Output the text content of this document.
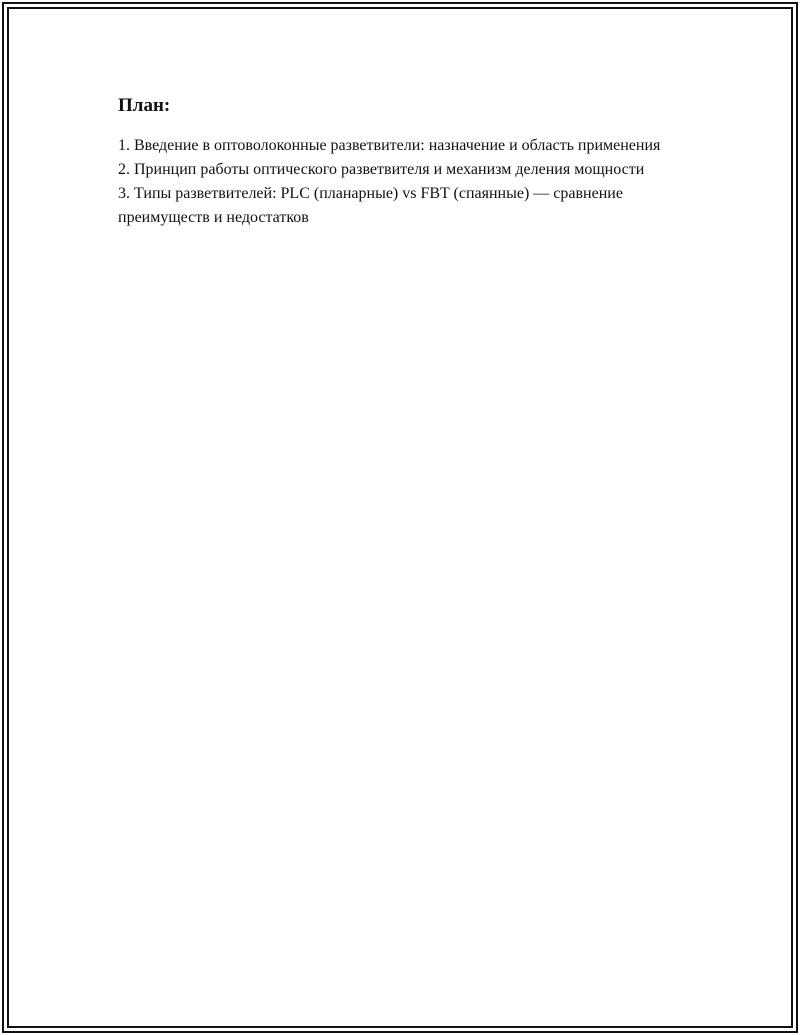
План:
1. Введение в оптоволоконные разветвители: назначение и область применения
2. Принцип работы оптического разветвителя и механизм деления мощности
3. Типы разветвителей: PLC (планарные) vs FBT (спаянные) — сравнение преимуществ и недостатков
